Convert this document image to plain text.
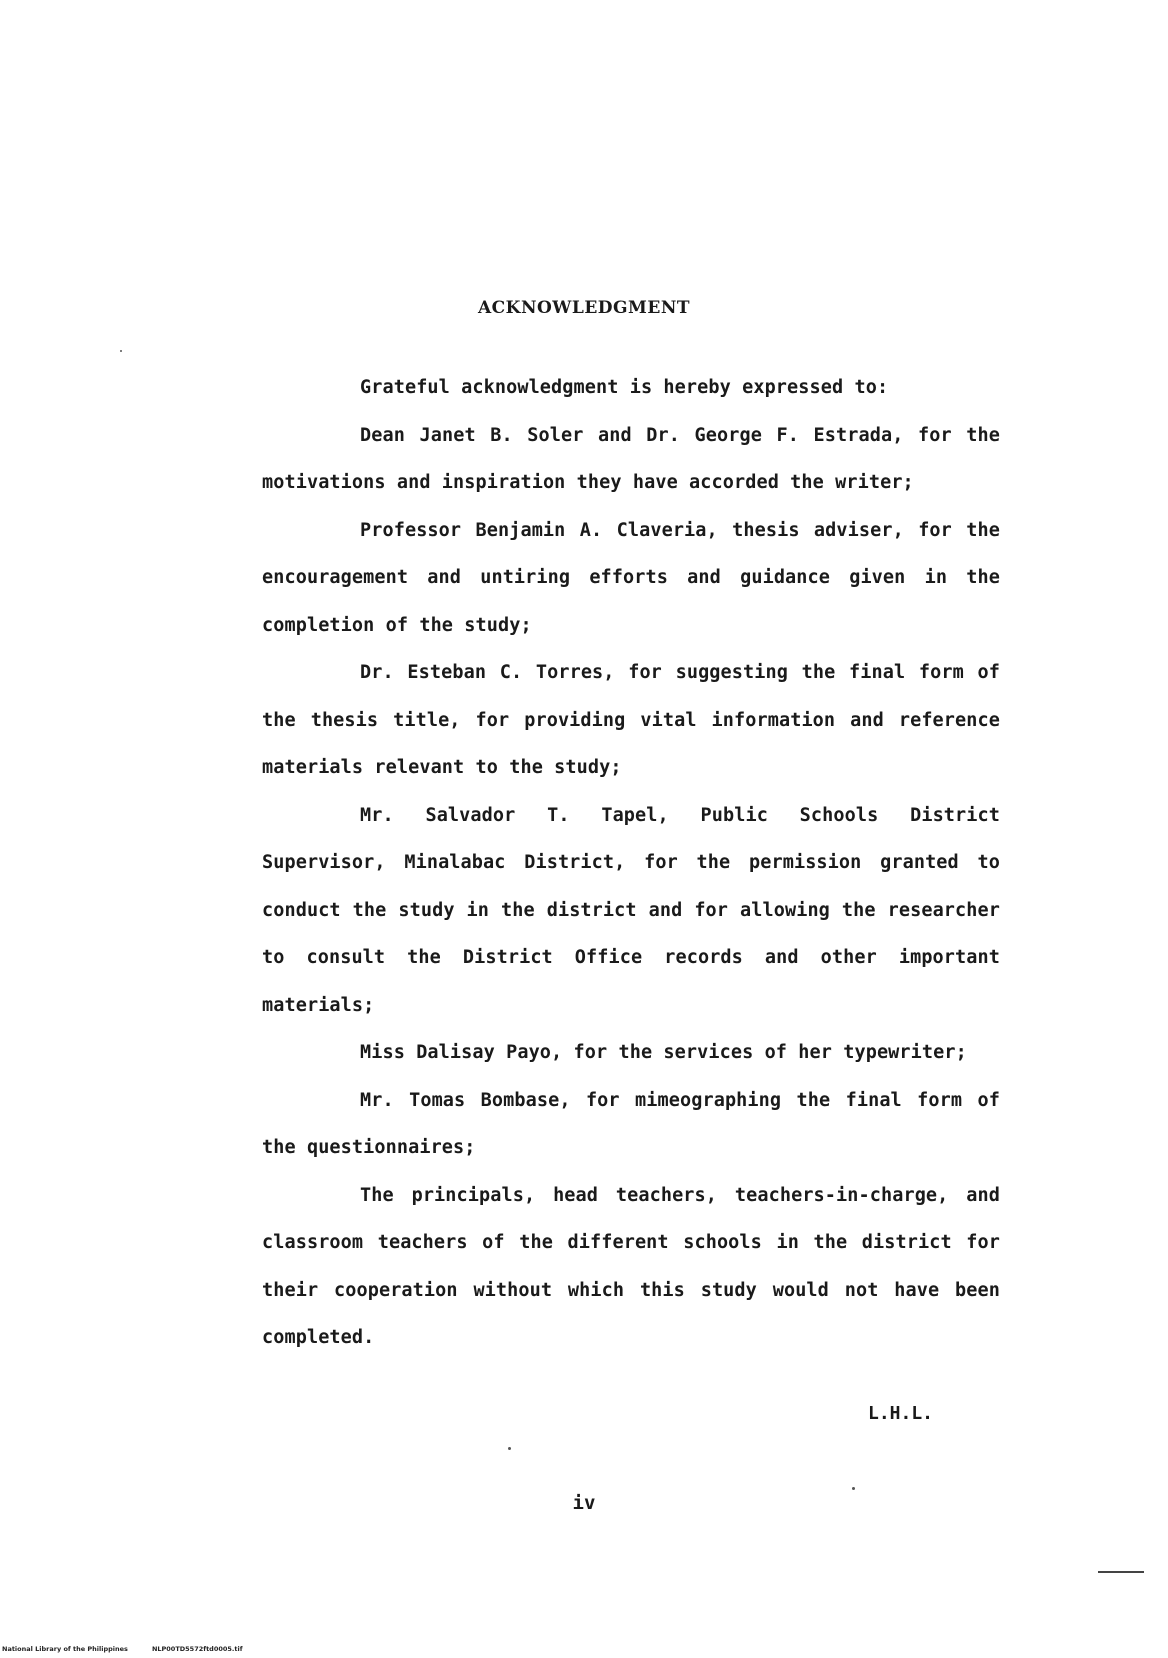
ACKNOWLEDGMENT

Grateful acknowledgment is hereby expressed to:

Dean Janet B. Soler and Dr. George F. Estrada, for the motivations and inspiration they have accorded the writer;

Professor Benjamin A. Claveria, thesis adviser, for the encouragement and untiring efforts and guidance given in the completion of the study;

Dr. Esteban C. Torres, for suggesting the final form of the thesis title, for providing vital information and reference materials relevant to the study;

Mr. Salvador T. Tapel, Public Schools District Supervisor, Minalabac District, for the permission granted to conduct the study in the district and for allowing the researcher to consult the District Office records and other important materials;

Miss Dalisay Payo, for the services of her typewriter;

Mr. Tomas Bombase, for mimeographing the final form of the questionnaires;

The principals, head teachers, teachers-in-charge, and classroom teachers of the different schools in the district for their cooperation without which this study would not have been completed.

L.H.L.
iv
National Library of the Philippines	NLP00TD5572ftd0005.tif
